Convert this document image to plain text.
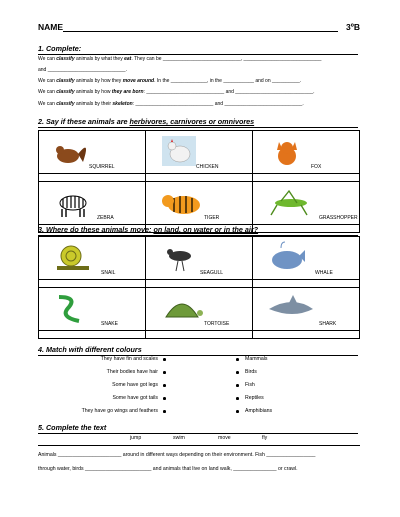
NAME	3ºB
1. Complete:
We can classify animals by what they eat. They can be ____________________________, ____________________________
and ____________________________.
We can classify animals by how they move around. In the _____________, in the ___________ and on __________.
We can classify animals by how they are born: ____________________________ and ____________________________.
We can classify animals by their skeleton: ____________________________ and ____________________________.
2. Say if these animals are herbivores, carnivores or omnivores
SQUIRREL	CHICKEN	FOX

ZEBRA	TIGER	GRASSHOPPER

3. Where do these animals move: on land, on water or in the air?
SNAIL	SEAGULL	WHALE

SNAKE	TORTOISE	SHARK

4. Match with different colours
They have fin and scales
Their bodies have hair
Some have got legs
Some have got tails
They have go wings and feathers
Mammals
Birds
Fish
Reptiles
Amphibians
5. Complete the text
jump	swim	move	fly
Animals ______________________ around in different ways depending on their environment. Fish _________________
through water, birds _______________________ and animals that live on land walk, _______________ or crawl.
